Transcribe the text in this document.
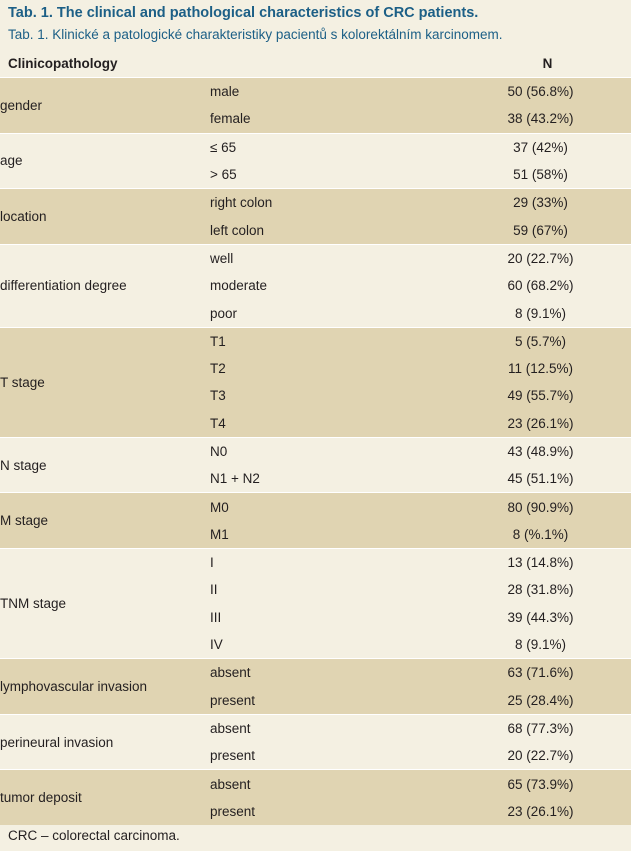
Tab. 1. The clinical and pathological characteristics of CRC patients.
Tab. 1. Klinické a patologické charakteristiky pacientů s kolorektálním karcinomem.
Clinicopathology		N
gender	male	50 (56.8%)
	female	38 (43.2%)
age	≤ 65	37 (42%)
	> 65	51 (58%)
location	right colon	29 (33%)
	left colon	59 (67%)
differentiation degree	well	20 (22.7%)
	moderate	60 (68.2%)
	poor	8 (9.1%)
T stage	T1	5 (5.7%)
	T2	11 (12.5%)
	T3	49 (55.7%)
	T4	23 (26.1%)
N stage	N0	43 (48.9%)
	N1 + N2	45 (51.1%)
M stage	M0	80 (90.9%)
	M1	8 (%.1%)
TNM stage	I	13 (14.8%)
	II	28 (31.8%)
	III	39 (44.3%)
	IV	8 (9.1%)
lymphovascular invasion	absent	63 (71.6%)
	present	25 (28.4%)
perineural invasion	absent	68 (77.3%)
	present	20 (22.7%)
tumor deposit	absent	65 (73.9%)
	present	23 (26.1%)
CRC – colorectal carcinoma.
